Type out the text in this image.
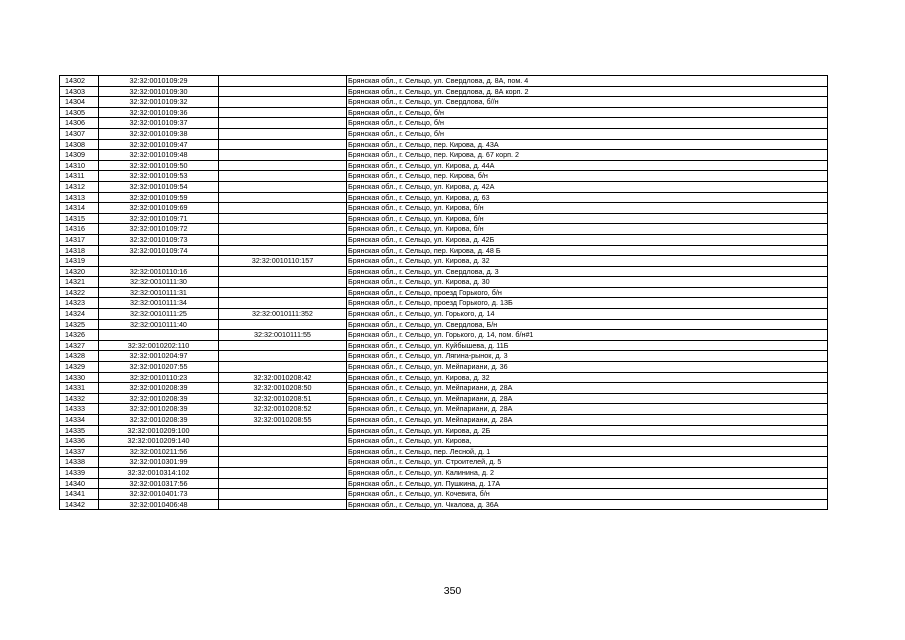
14302	32:32:0010109:29		Брянская обл., г. Сельцо, ул. Свердлова, д. 8А, пом. 4
14303	32:32:0010109:30		Брянская обл., г. Сельцо, ул. Свердлова, д. 8А корп. 2
14304	32:32:0010109:32		Брянская обл., г. Сельцо, ул. Свердлова, б//н
14305	32:32:0010109:36		Брянская обл., г. Сельцо, б/н
14306	32:32:0010109:37		Брянская обл., г. Сельцо, б/н
14307	32:32:0010109:38		Брянская обл., г. Сельцо, б/н
14308	32:32:0010109:47		Брянская обл., г. Сельцо, пер. Кирова, д. 43А
14309	32:32:0010109:48		Брянская обл., г. Сельцо, пер. Кирова, д. 67 корп. 2
14310	32:32:0010109:50		Брянская обл., г. Сельцо, ул. Кирова, д. 44А
14311	32:32:0010109:53		Брянская обл., г. Сельцо, пер. Кирова, б/н
14312	32:32:0010109:54		Брянская обл., г. Сельцо, ул. Кирова, д. 42А
14313	32:32:0010109:59		Брянская обл., г. Сельцо, ул. Кирова, д. 63
14314	32:32:0010109:69		Брянская обл., г. Сельцо, ул. Кирова, б/н
14315	32:32:0010109:71		Брянская обл., г. Сельцо, ул. Кирова, б/н
14316	32:32:0010109:72		Брянская обл., г. Сельцо, ул. Кирова, б/н
14317	32:32:0010109:73		Брянская обл., г. Сельцо, ул. Кирова, д. 42Б
14318	32:32:0010109:74		Брянская обл., г. Сельцо, пер. Кирова, д. 48 Б
14319		32:32:0010110:157	Брянская обл., г. Сельцо, ул. Кирова, д. 32
14320	32:32:0010110:16		Брянская обл., г. Сельцо, ул. Свердлова, д. 3
14321	32:32:0010111:30		Брянская обл., г. Сельцо, ул. Кирова, д. 30
14322	32:32:0010111:31		Брянская обл., г. Сельцо, проезд Горького, б/н
14323	32:32:0010111:34		Брянская обл., г. Сельцо, проезд Горького, д. 13Б
14324	32:32:0010111:25	32:32:0010111:352	Брянская обл., г. Сельцо, ул. Горького, д. 14
14325	32:32:0010111:40		Брянская обл., г. Сельцо, ул. Свердлова, Б/н
14326		32:32:0010111:55	Брянская обл., г. Сельцо, ул. Горького, д. 14, пом. б/н#1
14327	32:32:0010202:110		Брянская обл., г. Сельцо, ул. Куйбышева, д. 11Б
14328	32:32:0010204:97		Брянская обл., г. Сельцо, ул. Лягина-рынок, д. 3
14329	32:32:0010207:55		Брянская обл., г. Сельцо, ул. Мейпариани, д. 36
14330	32:32:0010110:23	32:32:0010208:42	Брянская обл., г. Сельцо, ул. Кирова, д. 32
14331	32:32:0010208:39	32:32:0010208:50	Брянская обл., г. Сельцо, ул. Мейпариани, д. 28А
14332	32:32:0010208:39	32:32:0010208:51	Брянская обл., г. Сельцо, ул. Мейпариани, д. 28А
14333	32:32:0010208:39	32:32:0010208:52	Брянская обл., г. Сельцо, ул. Мейпариани, д. 28А
14334	32:32:0010208:39	32:32:0010208:55	Брянская обл., г. Сельцо, ул. Мейпариани, д. 28А
14335	32:32:0010209:100		Брянская обл., г. Сельцо, ул. Кирова, д. 2Б
14336	32:32:0010209:140		Брянская обл., г. Сельцо, ул. Кирова,
14337	32:32:0010211:56		Брянская обл., г. Сельцо, пер. Лесной, д. 1
14338	32:32:0010301:99		Брянская обл., г. Сельцо, ул. Строителей, д. 5
14339	32:32:0010314:102		Брянская обл., г. Сельцо, ул. Калинина, д. 2
14340	32:32:0010317:56		Брянская обл., г. Сельцо, ул. Пушкина, д. 17А
14341	32:32:0010401:73		Брянская обл., г. Сельцо, ул. Кочевига, б/н
14342	32:32:0010406:48		Брянская обл., г. Сельцо, ул. Чкалова, д. 36А
350
